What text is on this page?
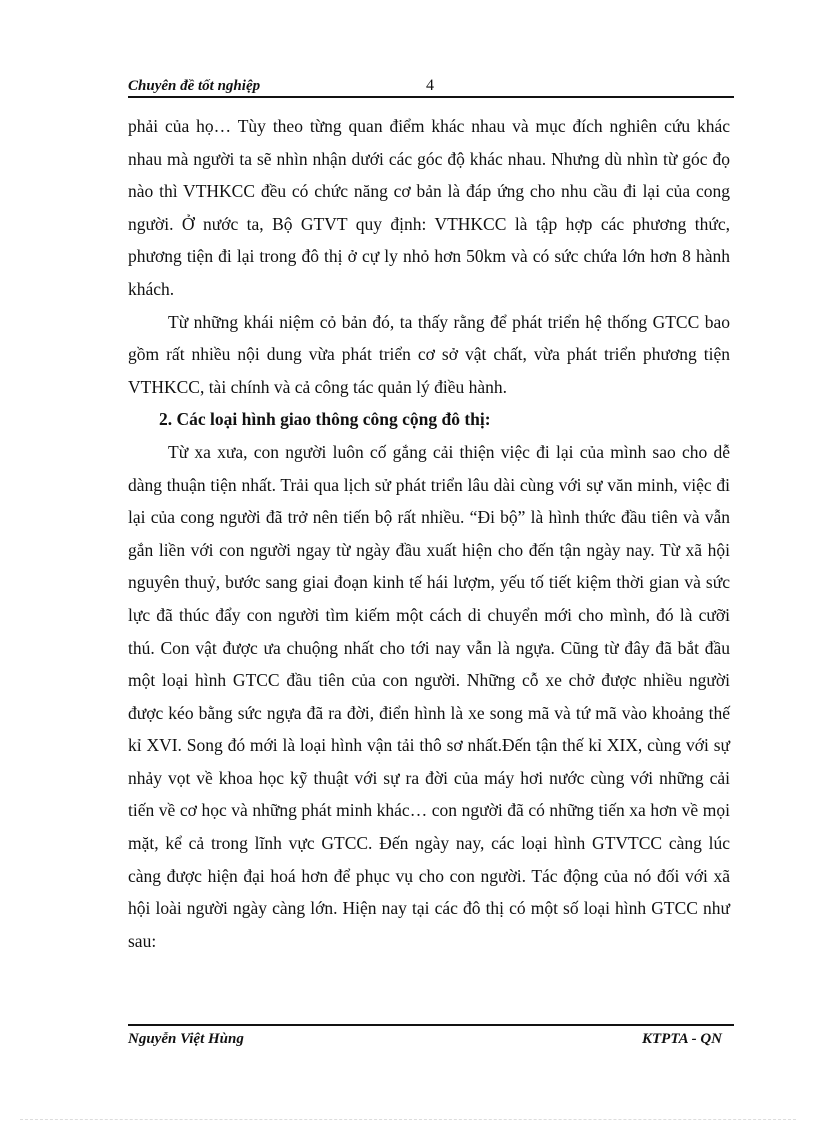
Chuyên đề tốt nghiệp	4

phải của họ… Tùy theo từng quan điểm khác nhau và mục đích nghiên cứu khác nhau mà người ta sẽ nhìn nhận dưới các góc độ khác nhau. Nhưng dù nhìn từ góc đọ nào thì VTHKCC đều có chức năng cơ bản là đáp ứng cho nhu cầu đi lại của cong người. Ở nước ta, Bộ GTVT quy định: VTHKCC là tập hợp các phương thức, phương tiện đi lại trong đô thị ở cự ly nhỏ hơn 50km và có sức chứa lớn hơn 8 hành khách.

Từ những khái niệm cỏ bản đó, ta thấy rằng để phát triển hệ thống GTCC bao gồm rất nhiều nội dung vừa phát triển cơ sở vật chất, vừa phát triển phương tiện VTHKCC, tài chính và cả công tác quản lý điều hành.

2. Các loại hình giao thông công cộng đô thị:

Từ xa xưa, con người luôn cố gắng cải thiện việc đi lại của mình sao cho dễ dàng thuận tiện nhất. Trải qua lịch sử phát triển lâu dài cùng với sự văn minh, việc đi lại của cong người đã trở nên tiến bộ rất nhiều. “Đi bộ” là hình thức đầu tiên và vẫn gắn liền với con người ngay từ ngày đầu xuất hiện cho đến tận ngày nay. Từ xã hội nguyên thuỷ, bước sang giai đoạn kinh tế hái lượm, yếu tố tiết kiệm thời gian và sức lực đã thúc đẩy con người tìm kiếm một cách di chuyển mới cho mình, đó là cưỡi thú. Con vật được ưa chuộng nhất cho tới nay vẫn là ngựa. Cũng từ đây đã bắt đầu một loại hình GTCC đầu tiên của con người. Những cỗ xe chở được nhiều người được kéo bằng sức ngựa đã ra đời, điển hình là xe song mã và tứ mã vào khoảng thế kỉ XVI. Song đó mới là loại hình vận tải thô sơ nhất.Đến tận thế kỉ XIX, cùng với sự nhảy vọt về khoa học kỹ thuật với sự ra đời của máy hơi nước cùng với những cải tiến về cơ học và những phát minh khác… con người đã có những tiến xa hơn về mọi mặt, kể cả trong lĩnh vực GTCC. Đến ngày nay, các loại hình GTVTCC càng lúc càng được hiện đại hoá hơn để phục vụ cho con người. Tác động của nó đối với xã hội loài người ngày càng lớn. Hiện nay tại các đô thị có một số loại hình GTCC như sau:

Nguyễn Việt Hùng	KTPTA - QN
